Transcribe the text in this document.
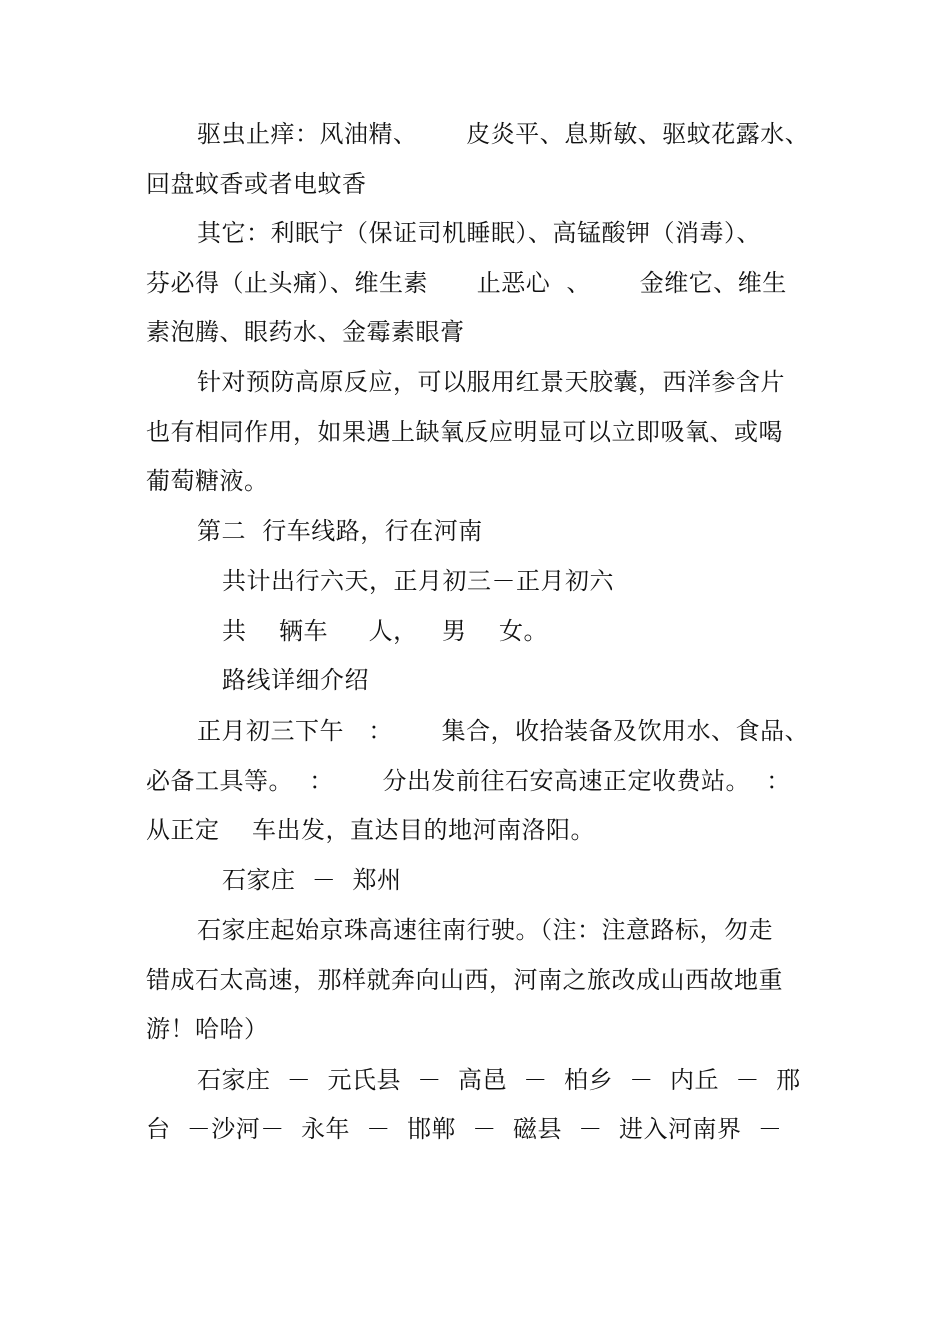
驱虫止痒：风油精、      皮炎平、息斯敏、驱蚊花露水、
回盘蚊香或者电蚊香
其它：利眠宁（保证司机睡眠）、高锰酸钾（消毒）、
芬必得（止头痛）、维生素      止恶心  、      金维它、维生
素泡腾、眼药水、金霉素眼膏
针对预防高原反应，可以服用红景天胶囊，西洋参含片
也有相同作用，如果遇上缺氧反应明显可以立即吸氧、或喝
葡萄糖液。
第二  行车线路，行在河南
共计出行六天，正月初三－正月初六
共    辆车     人，   男    女。
路线详细介绍
正月初三下午   ：      集合，收拾装备及饮用水、食品、
必备工具等。  ：      分出发前往石安高速正定收费站。  ：
从正定    车出发，直达目的地河南洛阳。
石家庄  －  郑州
石家庄起始京珠高速往南行驶。（注：注意路标，勿走
错成石太高速，那样就奔向山西，河南之旅改成山西故地重
游！哈哈）
石家庄  －  元氏县  －  高邑  －  柏乡  －  内丘  －  邢
台  －沙河－  永年  －  邯郸  －  磁县  －  进入河南界  －
